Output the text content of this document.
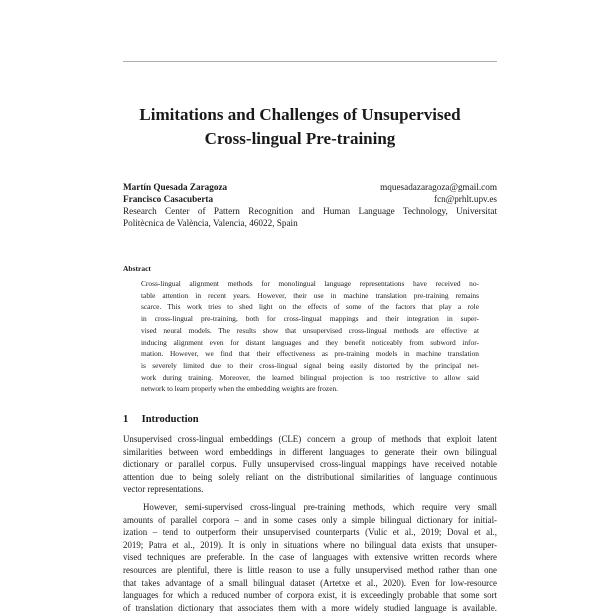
Limitations and Challenges of Unsupervised
Cross-lingual Pre-training
Martín Quesada Zaragoza	mquesadazaragoza@gmail.com
Francisco Casacuberta	fcn@prhlt.upv.es
Research Center of Pattern Recognition and Human Language Technology, Universitat
Politècnica de València, Valencia, 46022, Spain
Abstract
Cross-lingual alignment methods for monolingual language representations have received no-
table attention in recent years. However, their use in machine translation pre-training remains
scarce. This work tries to shed light on the effects of some of the factors that play a role
in cross-lingual pre-training, both for cross-lingual mappings and their integration in super-
vised neural models. The results show that unsupervised cross-lingual methods are effective at
inducing alignment even for distant languages and they benefit noticeably from subword infor-
mation. However, we find that their effectiveness as pre-training models in machine translation
is severely limited due to their cross-lingual signal being easily distorted by the principal net-
work during training. Moreover, the learned bilingual projection is too restrictive to allow said
network to learn properly when the embedding weights are frozen.
1 Introduction
Unsupervised cross-lingual embeddings (CLE) concern a group of methods that exploit latent
similarities between word embeddings in different languages to generate their own bilingual
dictionary or parallel corpus. Fully unsupervised cross-lingual mappings have received notable
attention due to being solely reliant on the distributional similarities of language continuous
vector representations.
However, semi-supervised cross-lingual pre-training methods, which require very small
amounts of parallel corpora – and in some cases only a simple bilingual dictionary for initial-
ization – tend to outperform their unsupervised counterparts (Vulic et al., 2019; Doval et al.,
2019; Patra et al., 2019). It is only in situations where no bilingual data exists that unsuper-
vised techniques are preferable. In the case of languages with extensive written records where
resources are plentiful, there is little reason to use a fully unsupervised method rather than one
that takes advantage of a small bilingual dataset (Artetxe et al., 2020). Even for low-resource
languages for which a reduced number of corpora exist, it is exceedingly probable that some sort
of translation dictionary that associates them with a more widely studied language is available.
